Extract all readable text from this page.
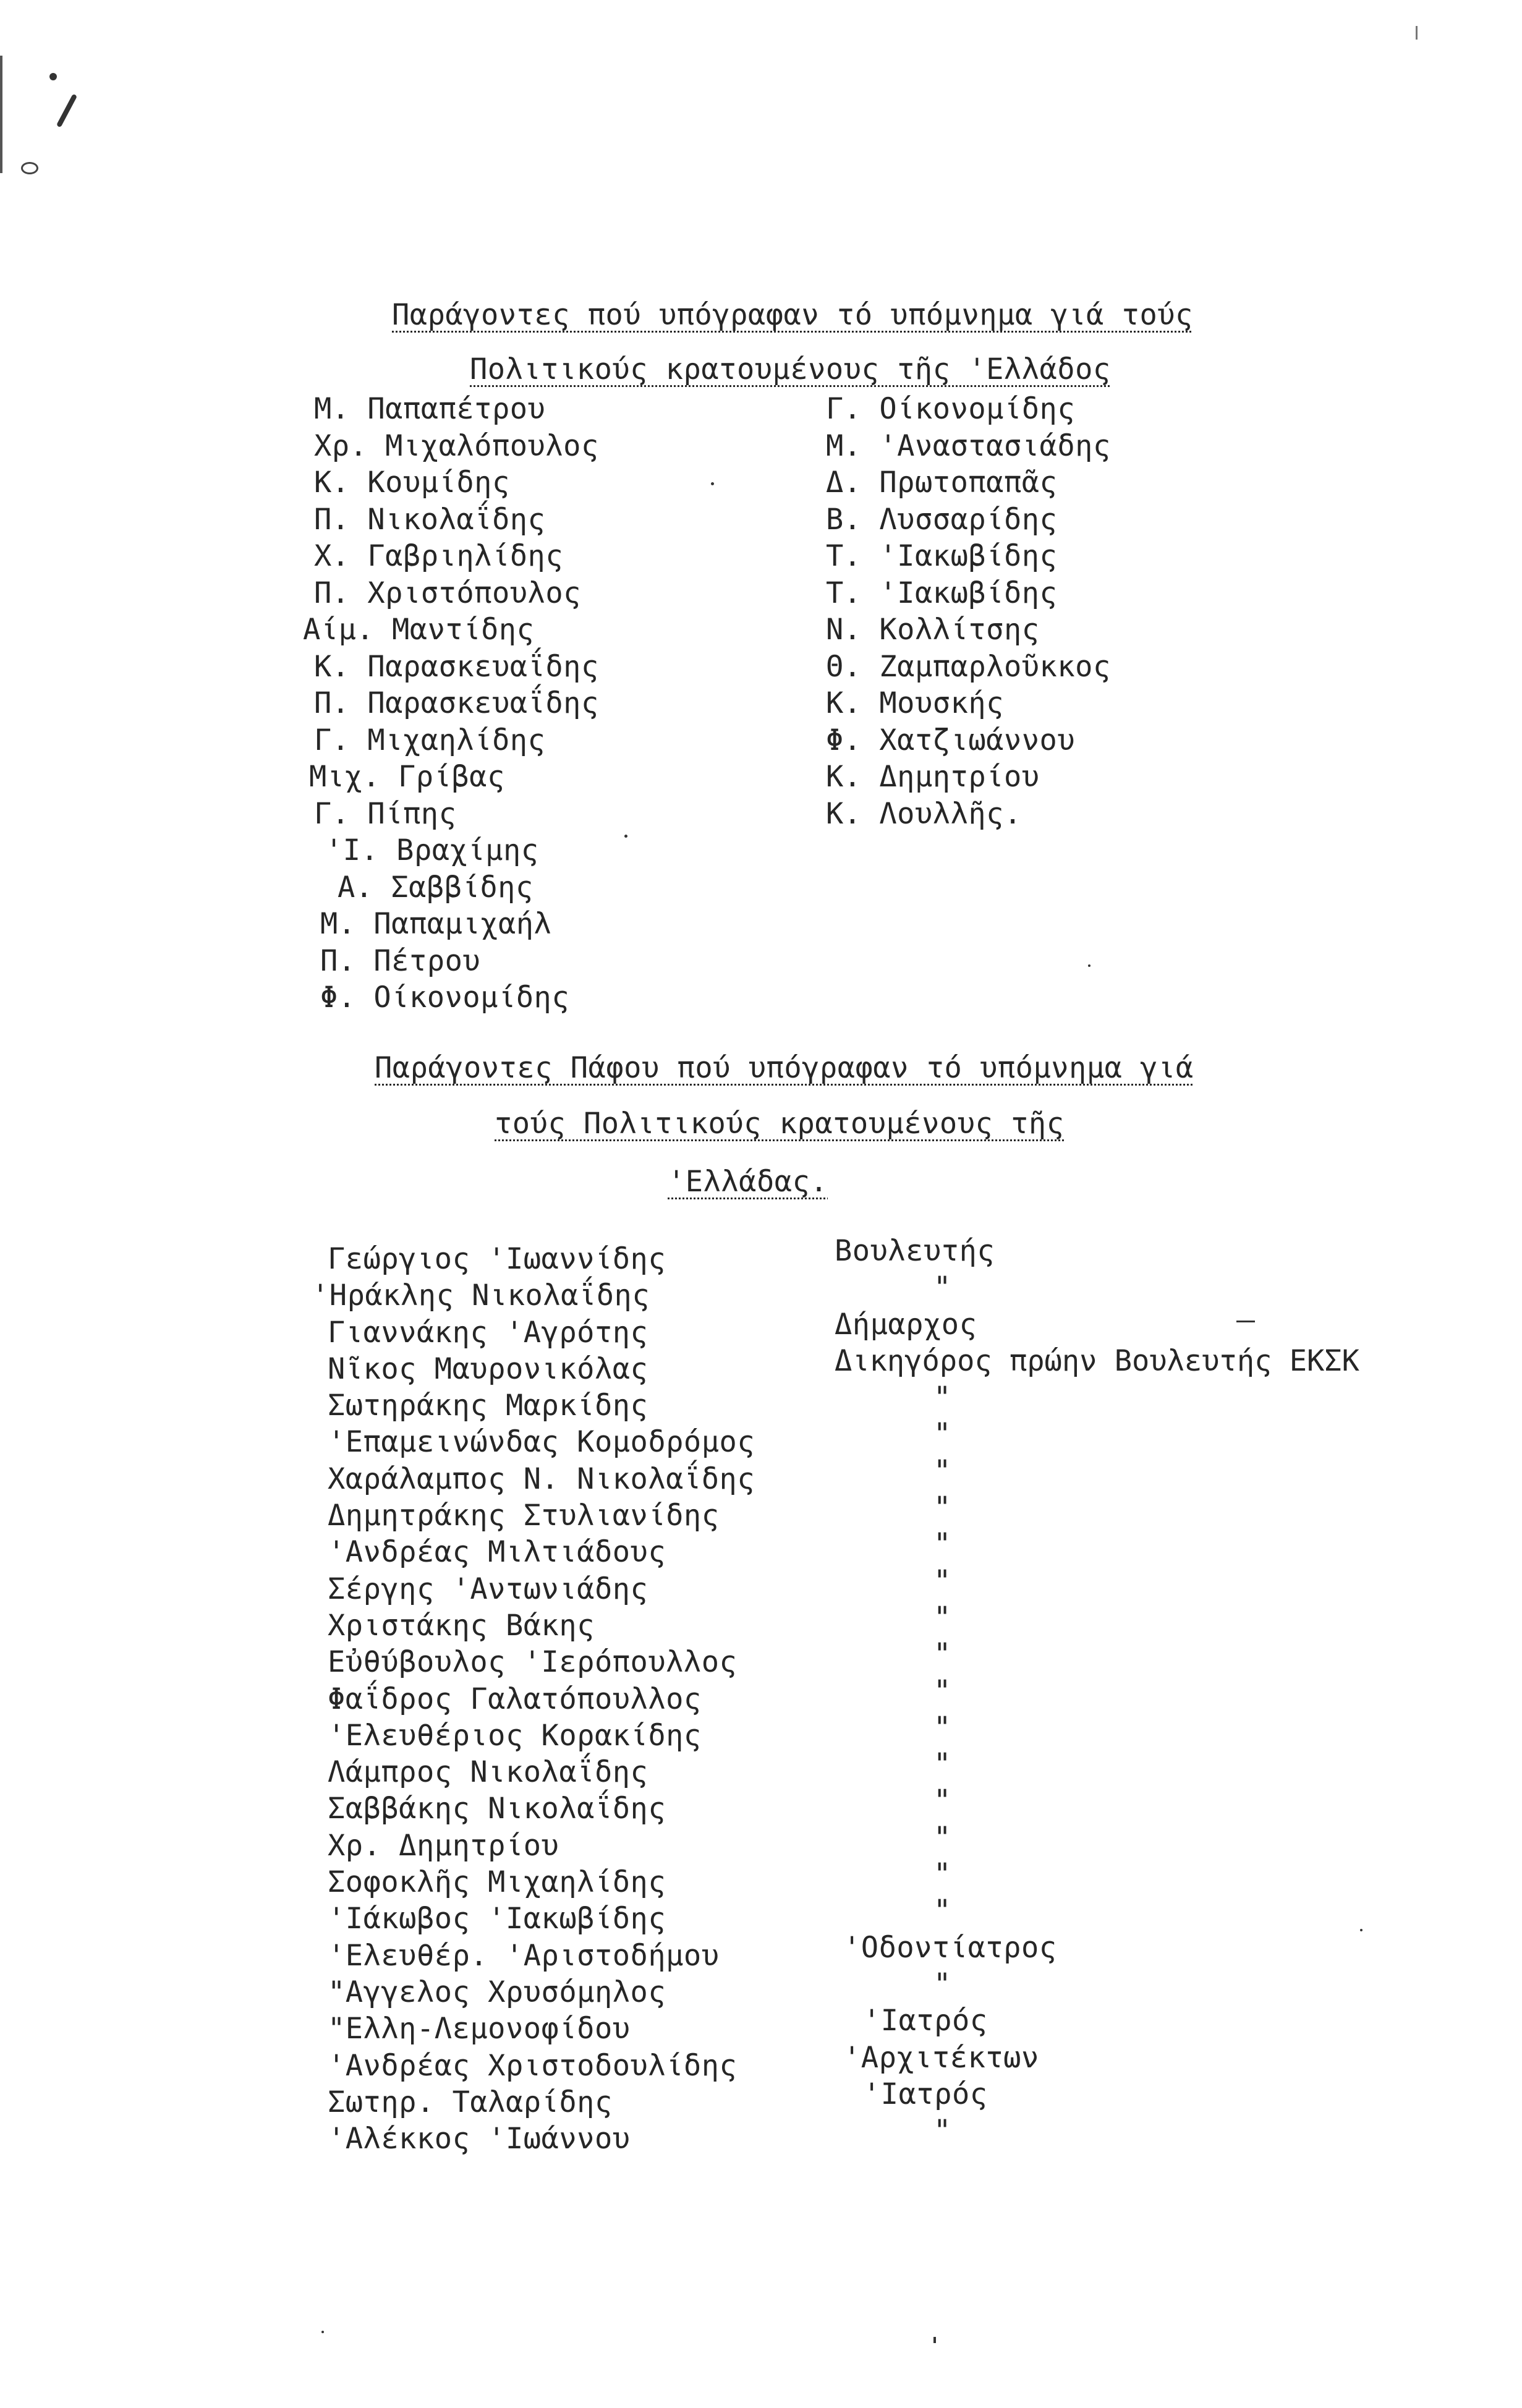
Παράγοντες πού υπόγραφαν τό υπόμνημα γιά τούς
Πολιτικούς κρατουμένους τῆς 'Ελλάδος
Μ. Παπαπέτρου
Χρ. Μιχαλόπουλος
Κ. Κουμίδης
Π. Νικολαΐδης
Χ. Γαβριηλίδης
Π. Χριστόπουλος
Αίμ. Μαντίδης
Κ. Παρασκευαΐδης
Π. Παρασκευαΐδης
Γ. Μιχαηλίδης
Μιχ. Γρίβας
Γ. Πίπης
'Ι. Βραχίμης
Α. Σαββίδης
Μ. Παπαμιχαήλ
Π. Πέτρου
Φ. Οίκονομίδης
Γ. Οίκονομίδης
Μ. 'Αναστασιάδης
Δ. Πρωτοπαπᾶς
Β. Λυσσαρίδης
Τ. 'Ιακωβίδης
Τ. 'Ιακωβίδης
Ν. Κολλίτσης
Θ. Ζαμπαρλοῦκκος
Κ. Μουσκής
Φ. Χατζιωάννου
Κ. Δημητρίου
Κ. Λουλλῆς.
Παράγοντες Πάφου πού υπόγραφαν τό υπόμνημα γιά
τούς Πολιτικούς κρατουμένους τῆς
'Ελλάδας.
Γεώργιος 'Ιωαννίδης
'Ηράκλης Νικολαΐδης
Γιαννάκης 'Αγρότης
Νῖκος Μαυρονικόλας
Σωτηράκης Μαρκίδης
'Επαμεινώνδας Κομοδρόμος
Χαράλαμπος Ν. Νικολαΐδης
Δημητράκης Στυλιανίδης
'Ανδρέας Μιλτιάδους
Σέργης 'Αντωνιάδης
Χριστάκης Βάκης
Εὐθύβουλος 'Ιερόπουλλος
Φαΐδρος Γαλατόπουλλος
'Ελευθέριος Κορακίδης
Λάμπρος Νικολαΐδης
Σαββάκης Νικολαΐδης
Χρ. Δημητρίου
Σοφοκλῆς Μιχαηλίδης
'Ιάκωβος 'Ιακωβίδης
'Ελευθέρ. 'Αριστοδήμου
"Αγγελος Χρυσόμηλος
"Ελλη-Λεμονοφίδου
'Ανδρέας Χριστοδουλίδης
Σωτηρ. Ταλαρίδης
'Αλέκκος 'Ιωάννου
Βουλευτής
"
Δήμαρχος
Δικηγόρος πρώην Βουλευτής ΕΚΣΚ
"
"
"
"
"
"
"
"
"
"
"
"
"
"
"
'Οδοντίατρος
"
'Ιατρός
'Αρχιτέκτων
'Ιατρός
"
